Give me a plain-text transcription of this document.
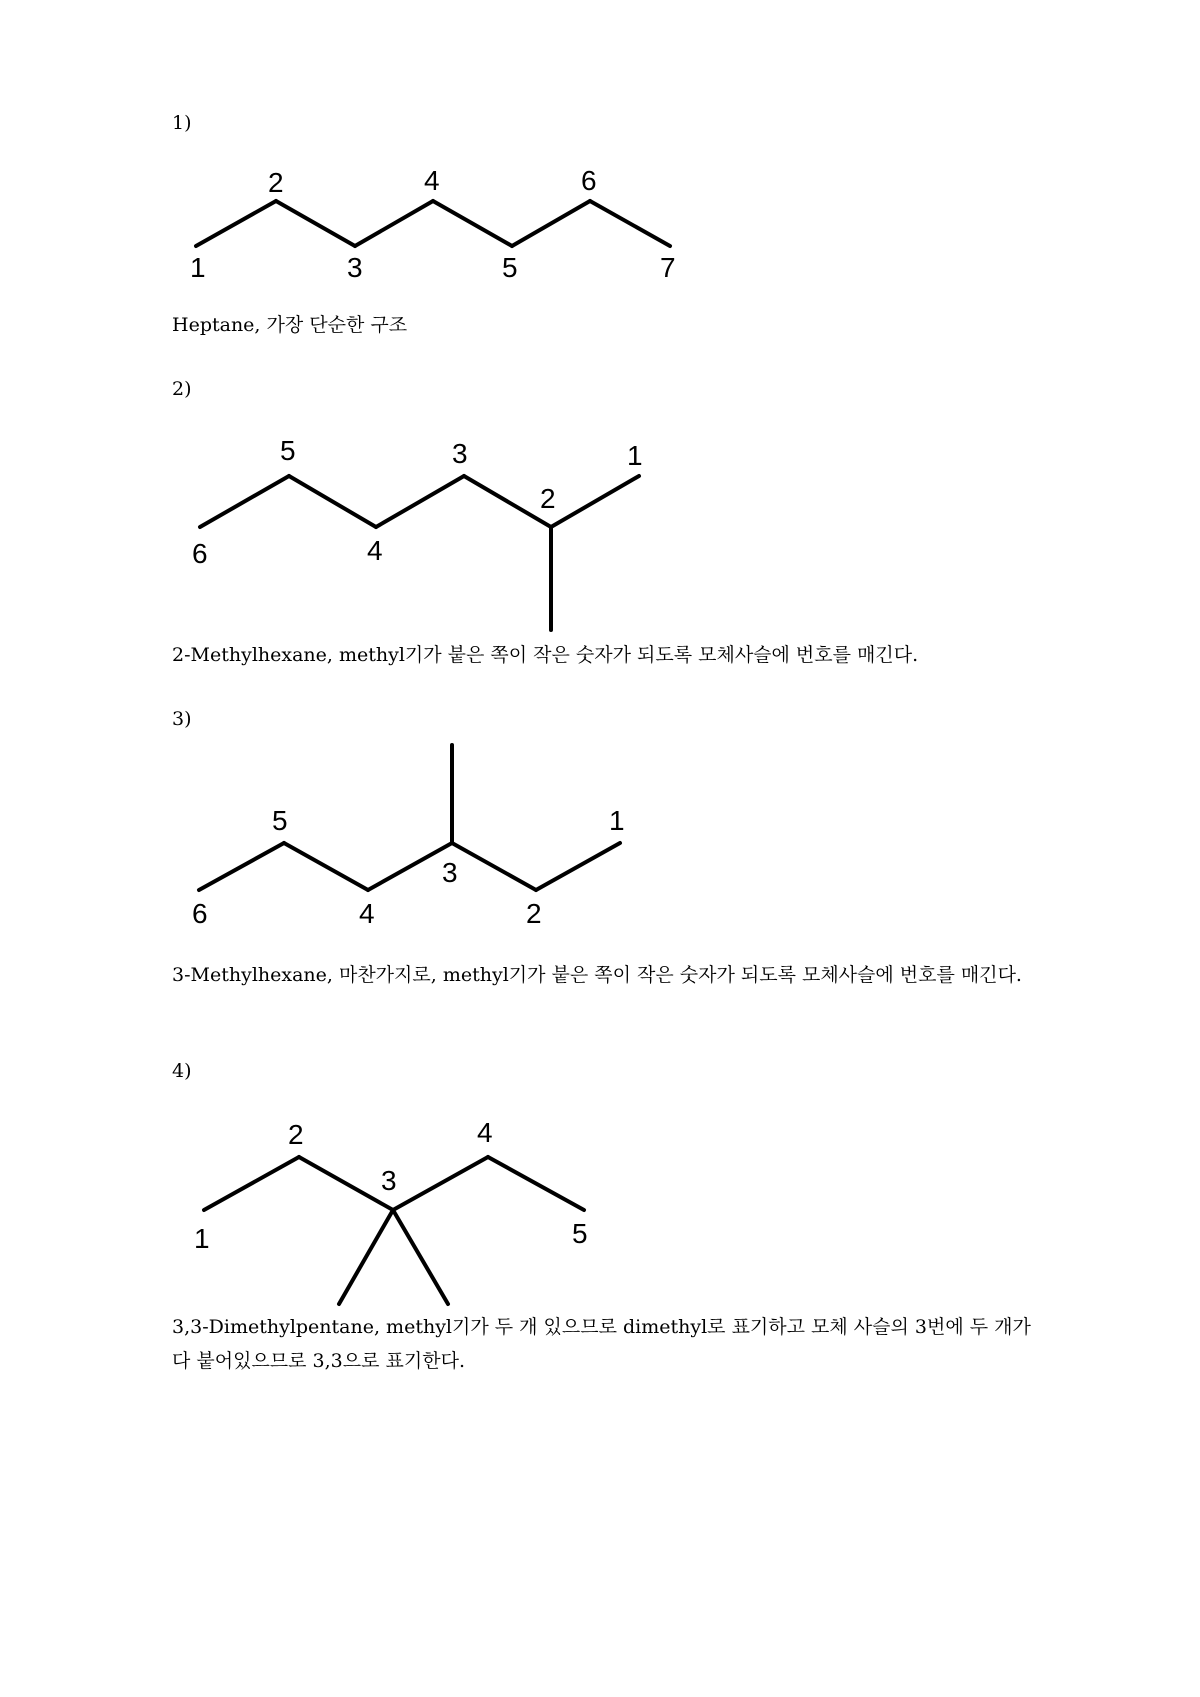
1)
1
2
3
4
5
6
7
6
5
4
3
2
1
6
5
4
3
2
1
1
2
3
4
5
Heptane, 가장 단순한 구조
2)
2-Methylhexane, methyl기가 붙은 쪽이 작은 숫자가 되도록 모체사슬에 번호를 매긴다.
3)
3-Methylhexane, 마찬가지로, methyl기가 붙은 쪽이 작은 숫자가 되도록 모체사슬에 번호를 매긴다.
4)
3,3-Dimethylpentane, methyl기가 두 개 있으므로 dimethyl로 표기하고 모체 사슬의 3번에 두 개가 다 붙어있으므로 3,3으로 표기한다.
